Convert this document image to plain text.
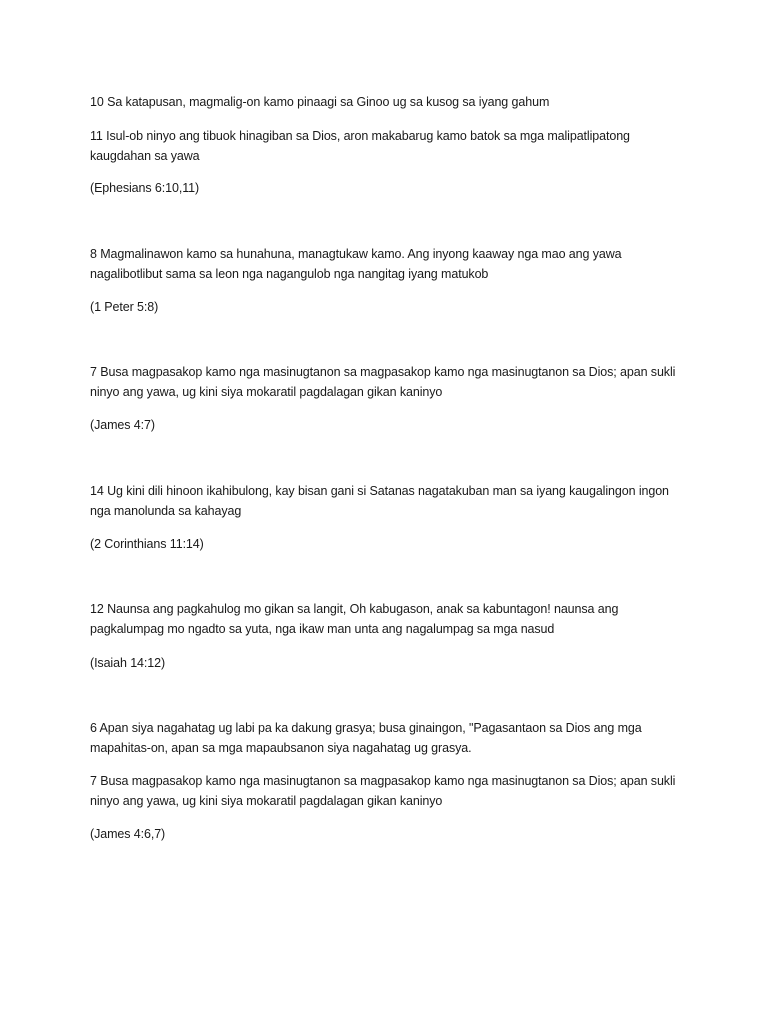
10 Sa katapusan, magmalig-on kamo pinaagi sa Ginoo ug sa kusog sa iyang gahum

11 Isul-ob ninyo ang tibuok hinagiban sa Dios, aron makabarug kamo batok sa mga malipatlipatong kaugdahan sa yawa

(Ephesians 6:10,11)

8 Magmalinawon kamo sa hunahuna, managtukaw kamo. Ang inyong kaaway nga mao ang yawa nagalibotlibut sama sa leon nga nagangulob nga nangitag iyang matukob

(1 Peter 5:8)

7 Busa magpasakop kamo nga masinugtanon sa magpasakop kamo nga masinugtanon sa Dios; apan sukli ninyo ang yawa, ug kini siya mokaratil pagdalagan gikan kaninyo

(James 4:7)

14 Ug kini dili hinoon ikahibulong, kay bisan gani si Satanas nagatakuban man sa iyang kaugalingon ingon nga manolunda sa kahayag

(2 Corinthians 11:14)

12 Naunsa ang pagkahulog mo gikan sa langit, Oh kabugason, anak sa kabuntagon! naunsa ang pagkalumpag mo ngadto sa yuta, nga ikaw man unta ang nagalumpag sa mga nasud

(Isaiah 14:12)

6 Apan siya nagahatag ug labi pa ka dakung grasya; busa ginaingon, "Pagasantaon sa Dios ang mga mapahitas-on, apan sa mga mapaubsanon siya nagahatag ug grasya.

7 Busa magpasakop kamo nga masinugtanon sa magpasakop kamo nga masinugtanon sa Dios; apan sukli ninyo ang yawa, ug kini siya mokaratil pagdalagan gikan kaninyo

(James 4:6,7)
